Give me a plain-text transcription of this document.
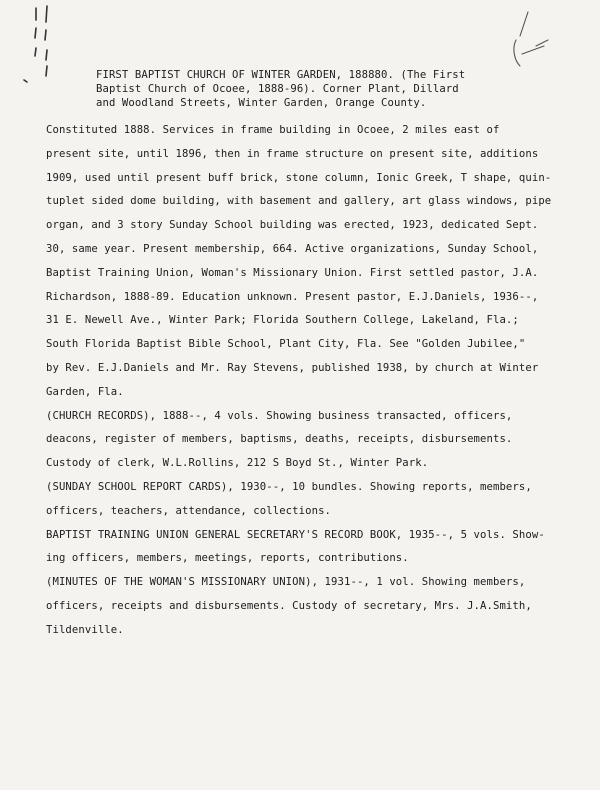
FIRST BAPTIST CHURCH OF WINTER GARDEN, 188880. (The First
Baptist Church of Ocoee, 1888-96). Corner Plant, Dillard
and Woodland Streets, Winter Garden, Orange County.
Constituted 1888. Services in frame building in Ocoee, 2 miles east of
present site, until 1896, then in frame structure on present site, additions
1909, used until present buff brick, stone column, Ionic Greek, T shape, quin-
tuplet sided dome building, with basement and gallery, art glass windows, pipe
organ, and 3 story Sunday School building was erected, 1923, dedicated Sept.
30, same year. Present membership, 664. Active organizations, Sunday School,
Baptist Training Union, Woman's Missionary Union. First settled pastor, J.A.
Richardson, 1888-89. Education unknown. Present pastor, E.J.Daniels, 1936--,
31 E. Newell Ave., Winter Park; Florida Southern College, Lakeland, Fla.;
South Florida Baptist Bible School, Plant City, Fla. See "Golden Jubilee,"
by Rev. E.J.Daniels and Mr. Ray Stevens, published 1938, by church at Winter
Garden, Fla.
(CHURCH RECORDS), 1888--, 4 vols. Showing business transacted, officers,
deacons, register of members, baptisms, deaths, receipts, disbursements.
Custody of clerk, W.L.Rollins, 212 S Boyd St., Winter Park.
(SUNDAY SCHOOL REPORT CARDS), 1930--, 10 bundles. Showing reports, members,
officers, teachers, attendance, collections.
BAPTIST TRAINING UNION GENERAL SECRETARY'S RECORD BOOK, 1935--, 5 vols. Show-
ing officers, members, meetings, reports, contributions.
(MINUTES OF THE WOMAN'S MISSIONARY UNION), 1931--, 1 vol. Showing members,
officers, receipts and disbursements. Custody of secretary, Mrs. J.A.Smith,
Tildenville.
